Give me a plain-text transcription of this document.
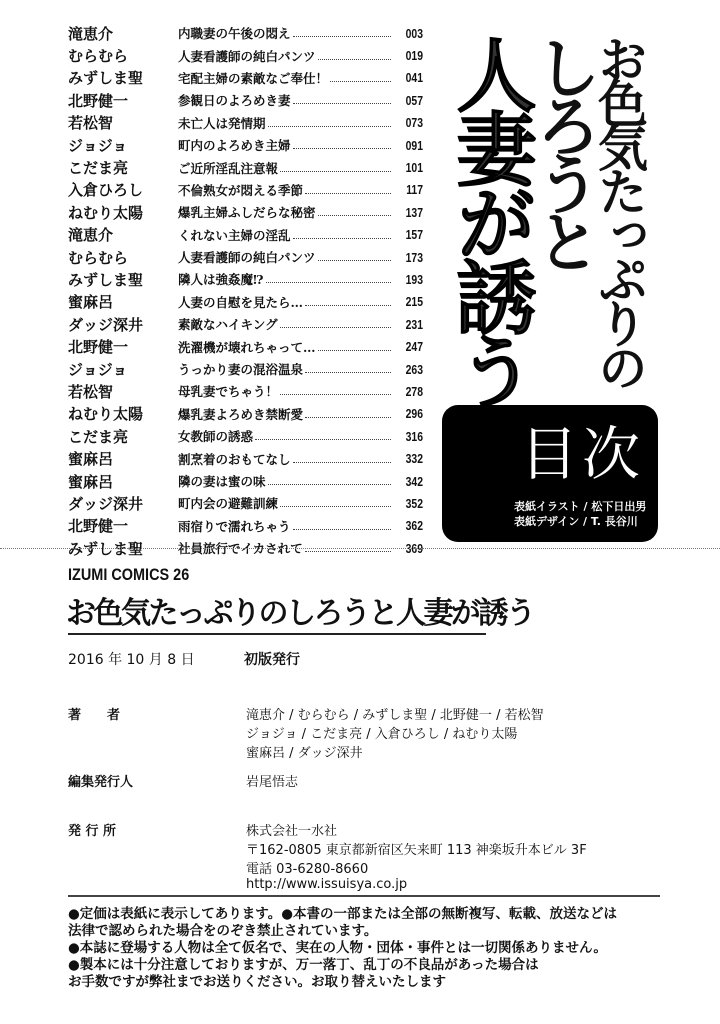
滝恵介	内職妻の午後の悶え	003
むらむら	人妻看護師の純白パンツ	019
みずしま聖	宅配主婦の素敵なご奉仕！	041
北野健一	参観日のよろめき妻	057
若松智	未亡人は発情期	073
ジョジョ	町内のよろめき主婦	091
こだま亮	ご近所淫乱注意報	101
入倉ひろし	不倫熟女が悶える季節	117
ねむり太陽	爆乳主婦ふしだらな秘密	137
滝恵介	くれない主婦の淫乱	157
むらむら	人妻看護師の純白パンツ	173
みずしま聖	隣人は強姦魔⁉	193
蜜麻呂	人妻の自慰を見たら…	215
ダッジ深井	素敵なハイキング	231
北野健一	洗濯機が壊れちゃって…	247
ジョジョ	うっかり妻の混浴温泉	263
若松智	母乳妻でちゃう！	278
ねむり太陽	爆乳妻よろめき禁断愛	296
こだま亮	女教師の誘惑	316
蜜麻呂	割烹着のおもてなし	332
蜜麻呂	隣の妻は蜜の味	342
ダッジ深井	町内会の避難訓練	352
北野健一	雨宿りで濡れちゃう	362
みずしま聖	社員旅行でイカされて	369
お色気たっぷりの
しろうと
人妻が誘う
目次
表紙イラスト / 松下日出男
表紙デザイン / T. 長谷川
IZUMI COMICS 26
お色気たっぷりのしろうと人妻が誘う
2016 年 10 月 8 日	初版発行
著　　者	滝恵介 / むらむら / みずしま聖 / 北野健一 / 若松智
ジョジョ / こだま亮 / 入倉ひろし / ねむり太陽
蜜麻呂 / ダッジ深井
編集発行人	岩尾悟志
発 行 所	株式会社一水社
〒162-0805 東京都新宿区矢来町 113 神楽坂升本ビル 3F
電話 03-6280-8660
http://www.issuisya.co.jp
●定価は表紙に表示してあります。●本書の一部または全部の無断複写、転載、放送などは
法律で認められた場合をのぞき禁止されています。
●本誌に登場する人物は全て仮名で、実在の人物・団体・事件とは一切関係ありません。
●製本には十分注意しておりますが、万一落丁、乱丁の不良品があった場合は
お手数ですが弊社までお送りください。お取り替えいたします
